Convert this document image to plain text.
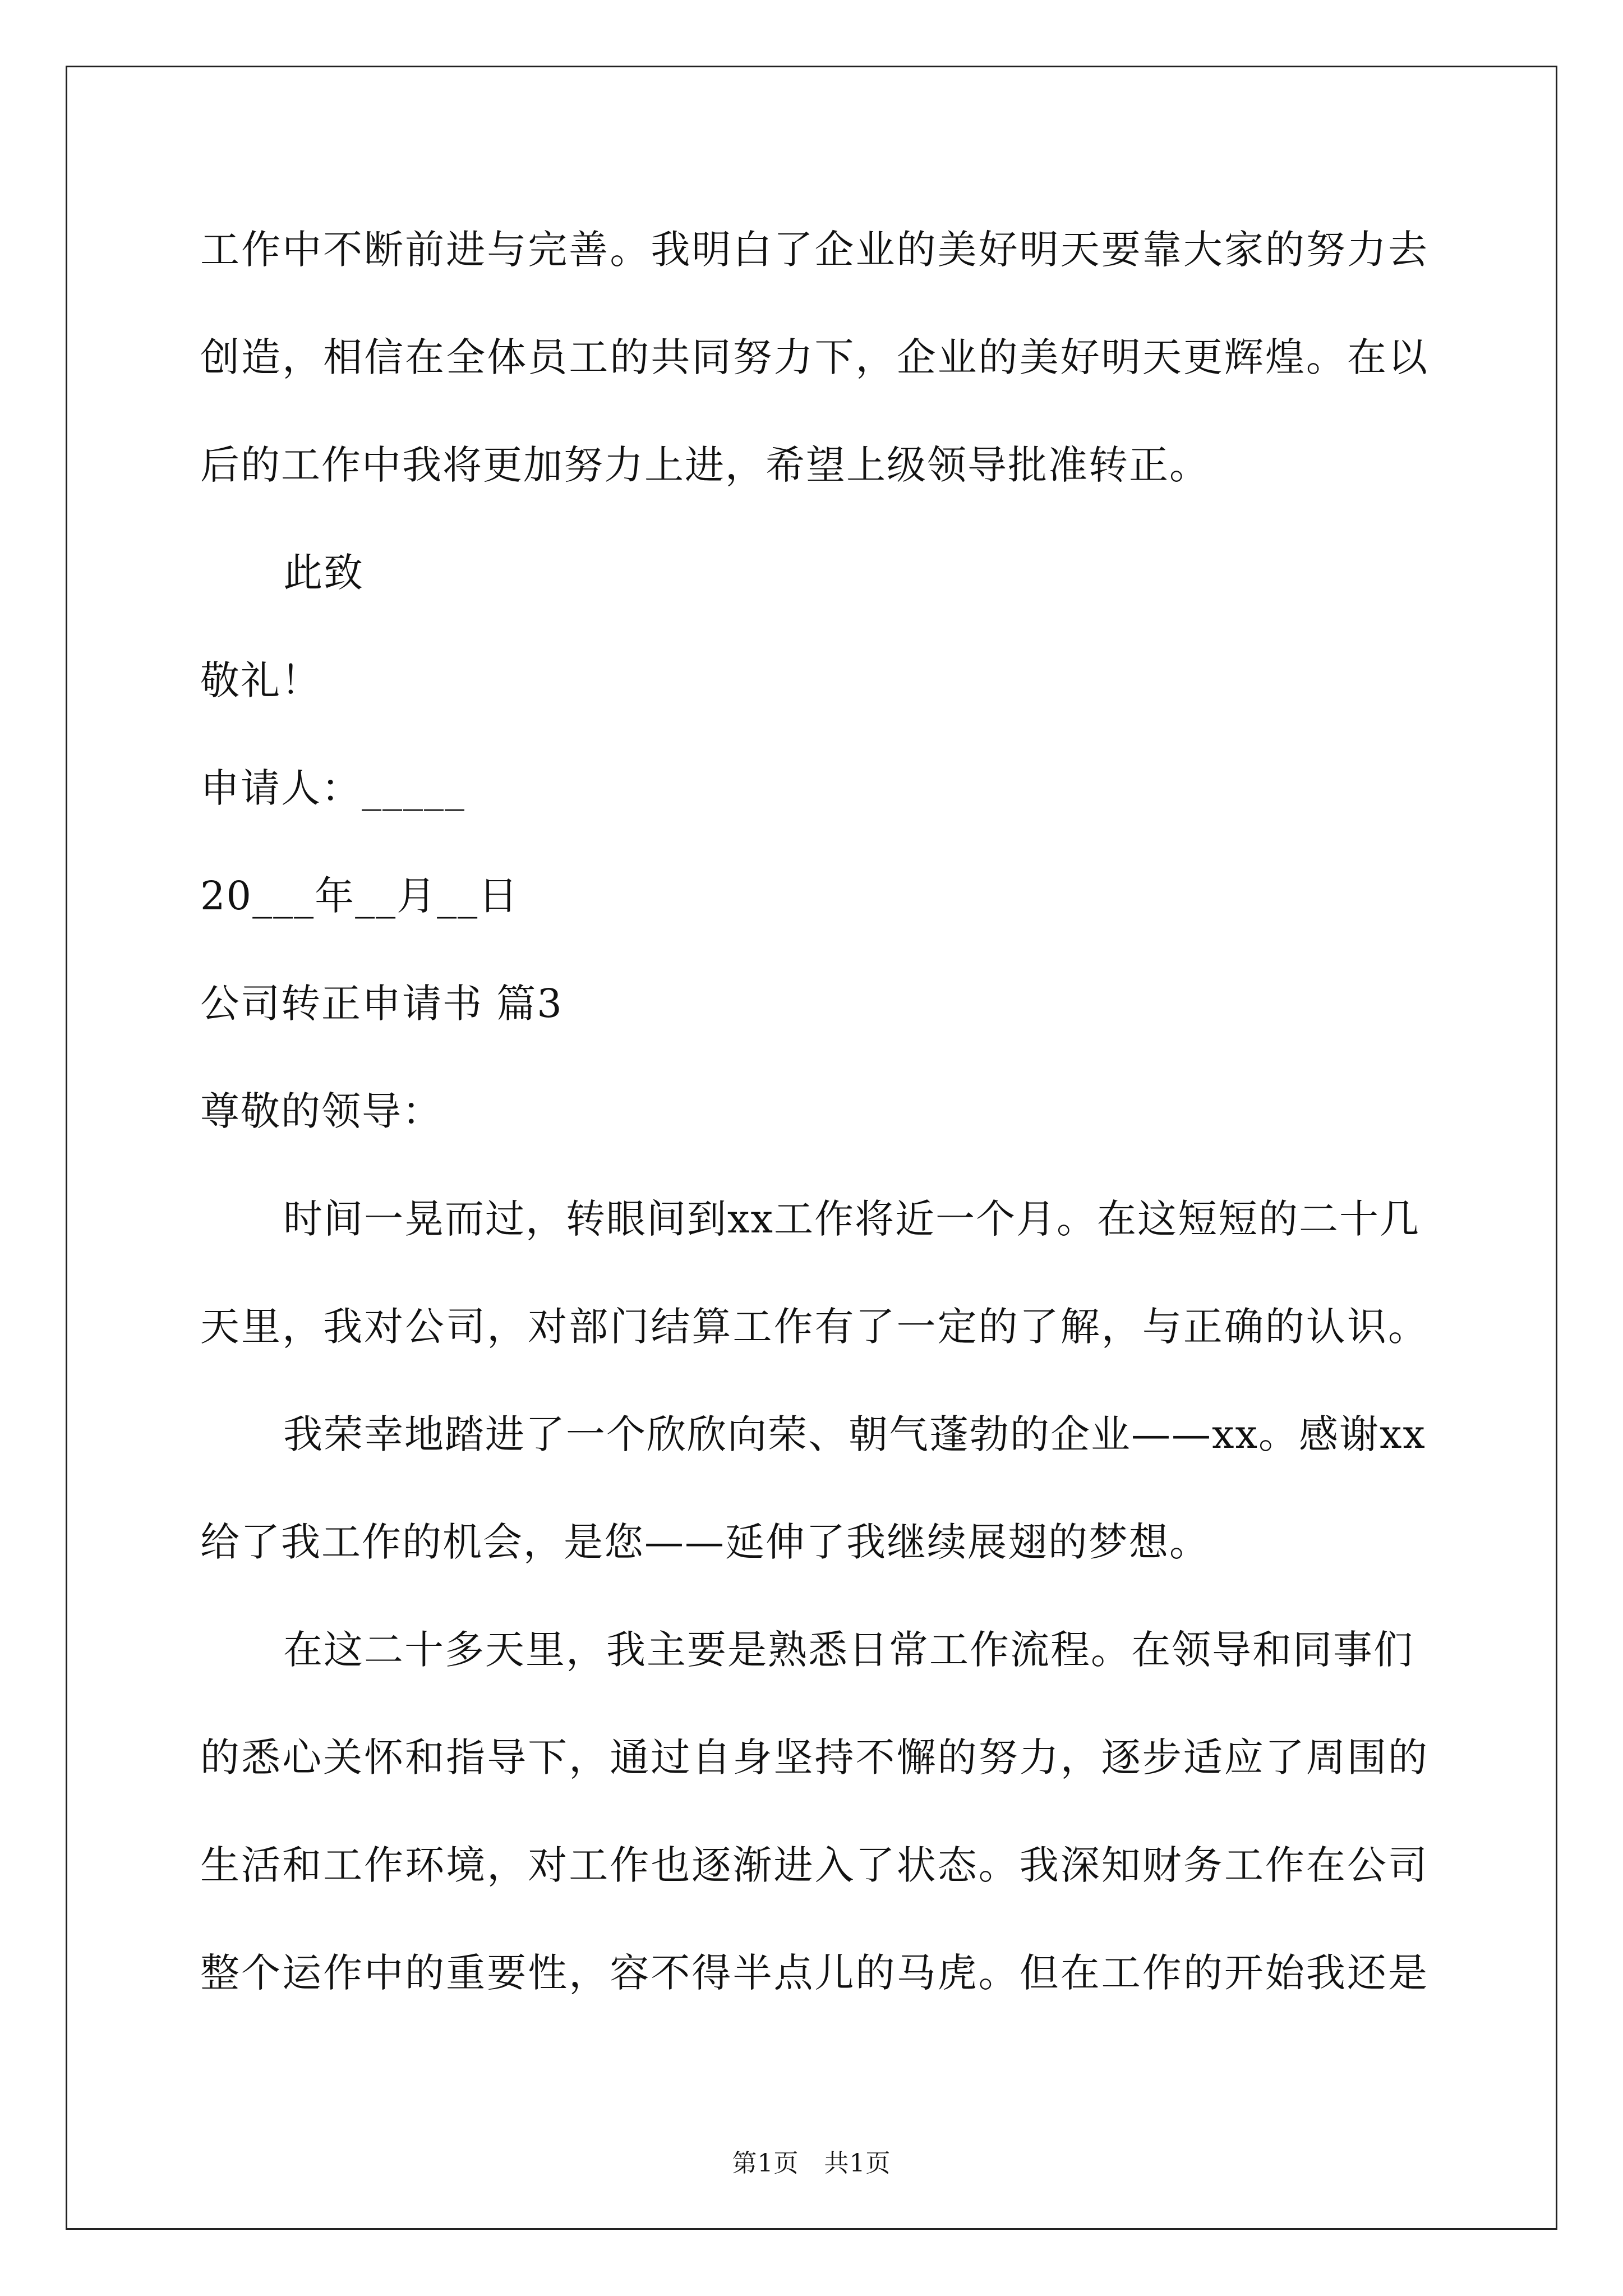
工作中不断前进与完善。我明白了企业的美好明天要靠大家的努力去
创造，相信在全体员工的共同努力下，企业的美好明天更辉煌。在以
后的工作中我将更加努力上进，希望上级领导批准转正。
此致
敬礼！
申请人：_____
20___年__月__日
公司转正申请书 篇3
尊敬的领导：
时间一晃而过，转眼间到xx工作将近一个月。在这短短的二十几
天里，我对公司，对部门结算工作有了一定的了解，与正确的认识。
我荣幸地踏进了一个欣欣向荣、朝气蓬勃的企业——xx。感谢xx
给了我工作的机会，是您——延伸了我继续展翅的梦想。
在这二十多天里，我主要是熟悉日常工作流程。在领导和同事们
的悉心关怀和指导下，通过自身坚持不懈的努力，逐步适应了周围的
生活和工作环境，对工作也逐渐进入了状态。我深知财务工作在公司
整个运作中的重要性，容不得半点儿的马虎。但在工作的开始我还是
第1页　共1页
